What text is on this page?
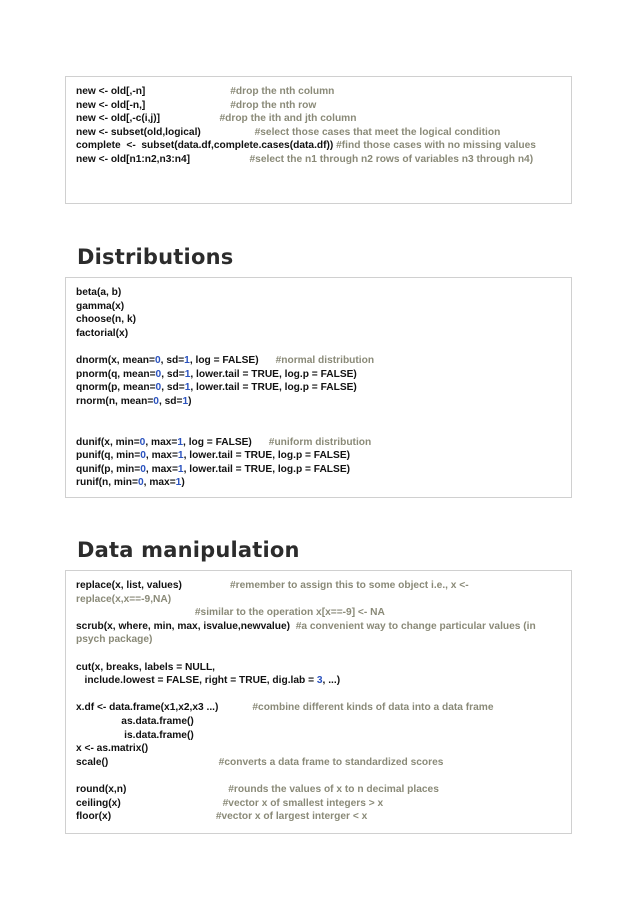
new <- old[,-n]                              #drop the nth column
new <- old[-n,]                              #drop the nth row
new <- old[,-c(i,j)]                     #drop the ith and jth column
new <- subset(old,logical)                   #select those cases that meet the logical condition
complete  <-  subset(data.df,complete.cases(data.df)) #find those cases with no missing values
new <- old[n1:n2,n3:n4]                     #select the n1 through n2 rows of variables n3 through n4)
Distributions
beta(a, b)
gamma(x)
choose(n, k)
factorial(x)
dnorm(x, mean=0, sd=1, log = FALSE)      #normal distribution
pnorm(q, mean=0, sd=1, lower.tail = TRUE, log.p = FALSE)
qnorm(p, mean=0, sd=1, lower.tail = TRUE, log.p = FALSE)
rnorm(n, mean=0, sd=1)
dunif(x, min=0, max=1, log = FALSE)      #uniform distribution
punif(q, min=0, max=1, lower.tail = TRUE, log.p = FALSE)
qunif(p, min=0, max=1, lower.tail = TRUE, log.p = FALSE)
runif(n, min=0, max=1)
Data manipulation
replace(x, list, values)                 #remember to assign this to some object i.e., x <- replace(x,x==-9,NA)
#similar to the operation x[x==-9] <- NA
scrub(x, where, min, max, isvalue,newvalue)  #a convenient way to change particular values (in psych package)
cut(x, breaks, labels = NULL,
include.lowest = FALSE, right = TRUE, dig.lab = 3, ...)
x.df <- data.frame(x1,x2,x3 ...)            #combine different kinds of data into a data frame
as.data.frame()
is.data.frame()
x <- as.matrix()
scale()                                       #converts a data frame to standardized scores
round(x,n)                                    #rounds the values of x to n decimal places
ceiling(x)                                    #vector x of smallest integers > x
floor(x)                                     #vector x of largest interger < x
